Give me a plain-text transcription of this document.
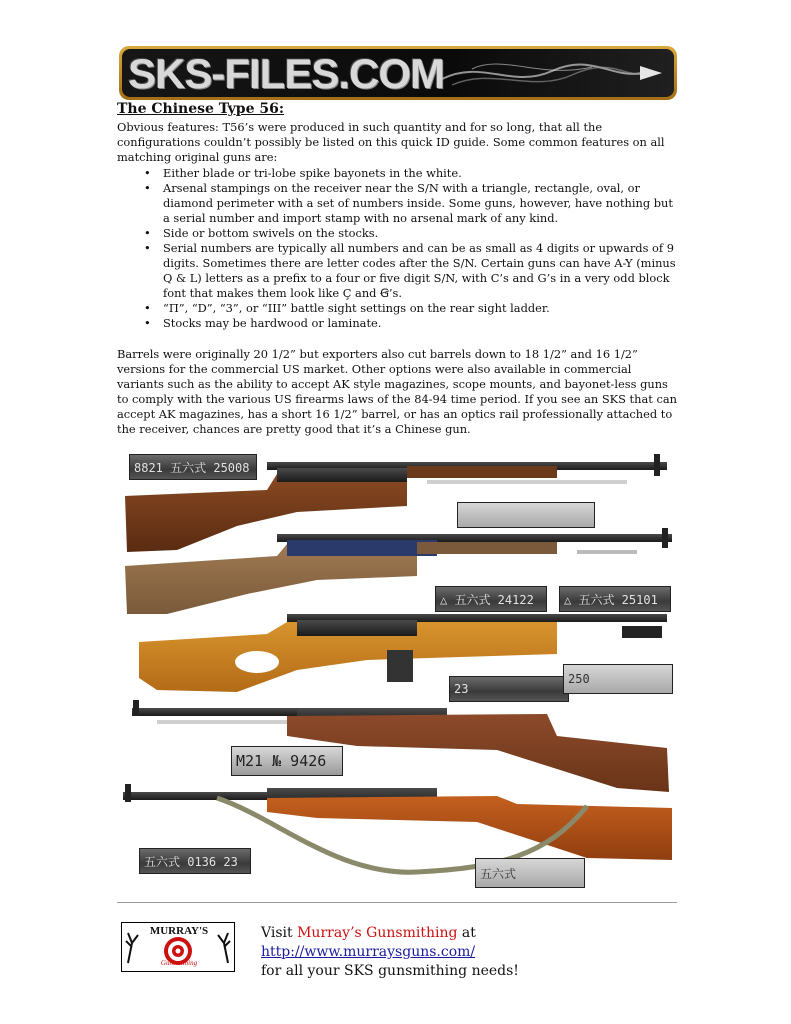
SKS-FILES.COM
The Chinese Type 56:

Obvious features: T56’s were produced in such quantity and for so long, that all the configurations couldn’t possibly be listed on this quick ID guide. Some common features on all matching original guns are:

• Either blade or tri-lobe spike bayonets in the white.
• Arsenal stampings on the receiver near the S/N with a triangle, rectangle, oval, or diamond perimeter with a set of numbers inside. Some guns, however, have nothing but a serial number and import stamp with no arsenal mark of any kind.
• Side or bottom swivels on the stocks.
• Serial numbers are typically all numbers and can be as small as 4 digits or upwards of 9 digits. Sometimes there are letter codes after the S/N. Certain guns can have A-Y (minus Q & L) letters as a prefix to a four or five digit S/N, with C’s and G’s in a very odd block font that makes them look like Ç and Ꞡ’s.
• “Π”, “D”, “3”, or “III” battle sight settings on the rear sight ladder.
• Stocks may be hardwood or laminate.

Barrels were originally 20 1/2” but exporters also cut barrels down to 18 1/2” and 16 1/2” versions for the commercial US market. Other options were also available in commercial variants such as the ability to accept AK style magazines, scope mounts, and bayonet-less guns to comply with the various US firearms laws of the 84-94 time period. If you see an SKS that can accept AK magazines, has a short 16 1/2” barrel, or has an optics rail professionally attached to the receiver, chances are pretty good that it’s a Chinese gun.

8821 五六式 25008
△ 五六式 24122	△ 五六式 25101
23
250
M21 № 9426
五六式 0136 23
五六式
MURRAY'S
Gunsmithing

Visit Murray’s Gunsmithing at http://www.murraysguns.com/
for all your SKS gunsmithing needs!
